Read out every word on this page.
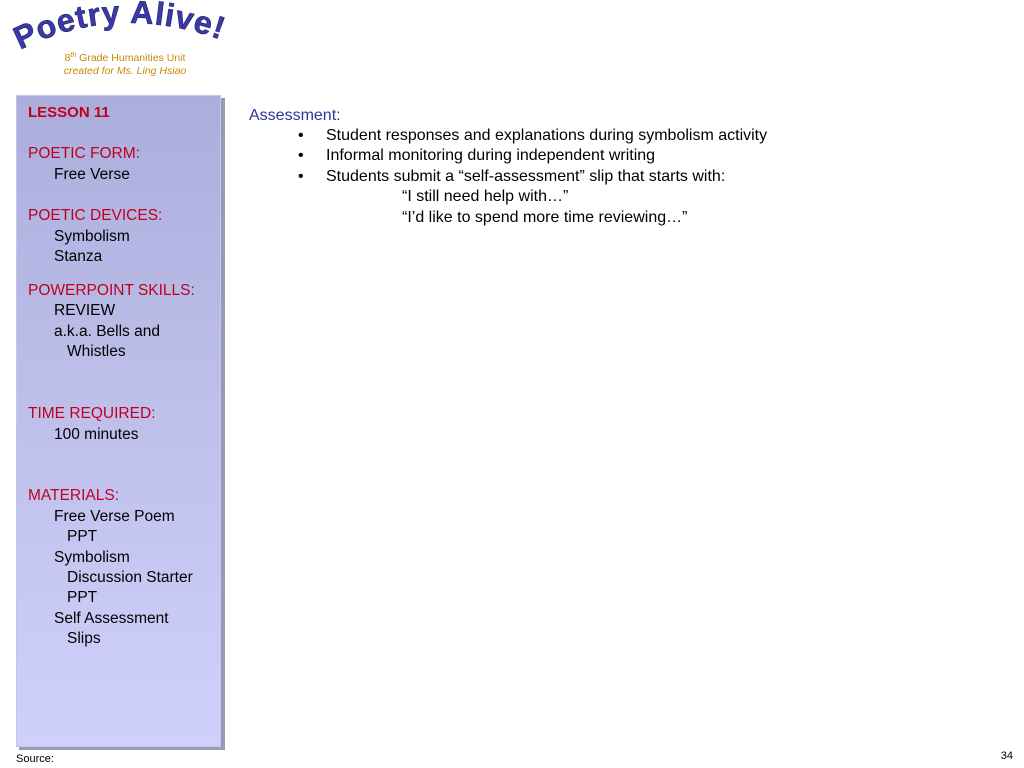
Poetry Alive!
8th Grade Humanities Unit
created for Ms. Ling Hsiao
LESSON 11
POETIC FORM:
Free Verse
POETIC DEVICES:
Symbolism
Stanza
POWERPOINT SKILLS:
REVIEW
a.k.a. Bells and
Whistles
TIME REQUIRED:
100 minutes
MATERIALS:
Free Verse Poem
PPT
Symbolism
Discussion Starter
PPT
Self Assessment
Slips
Assessment:
• Student responses and explanations during symbolism activity
• Informal monitoring during independent writing
• Students submit a “self-assessment” slip that starts with:
“I still need help with…”
“I’d like to spend more time reviewing…”
Source:	34
